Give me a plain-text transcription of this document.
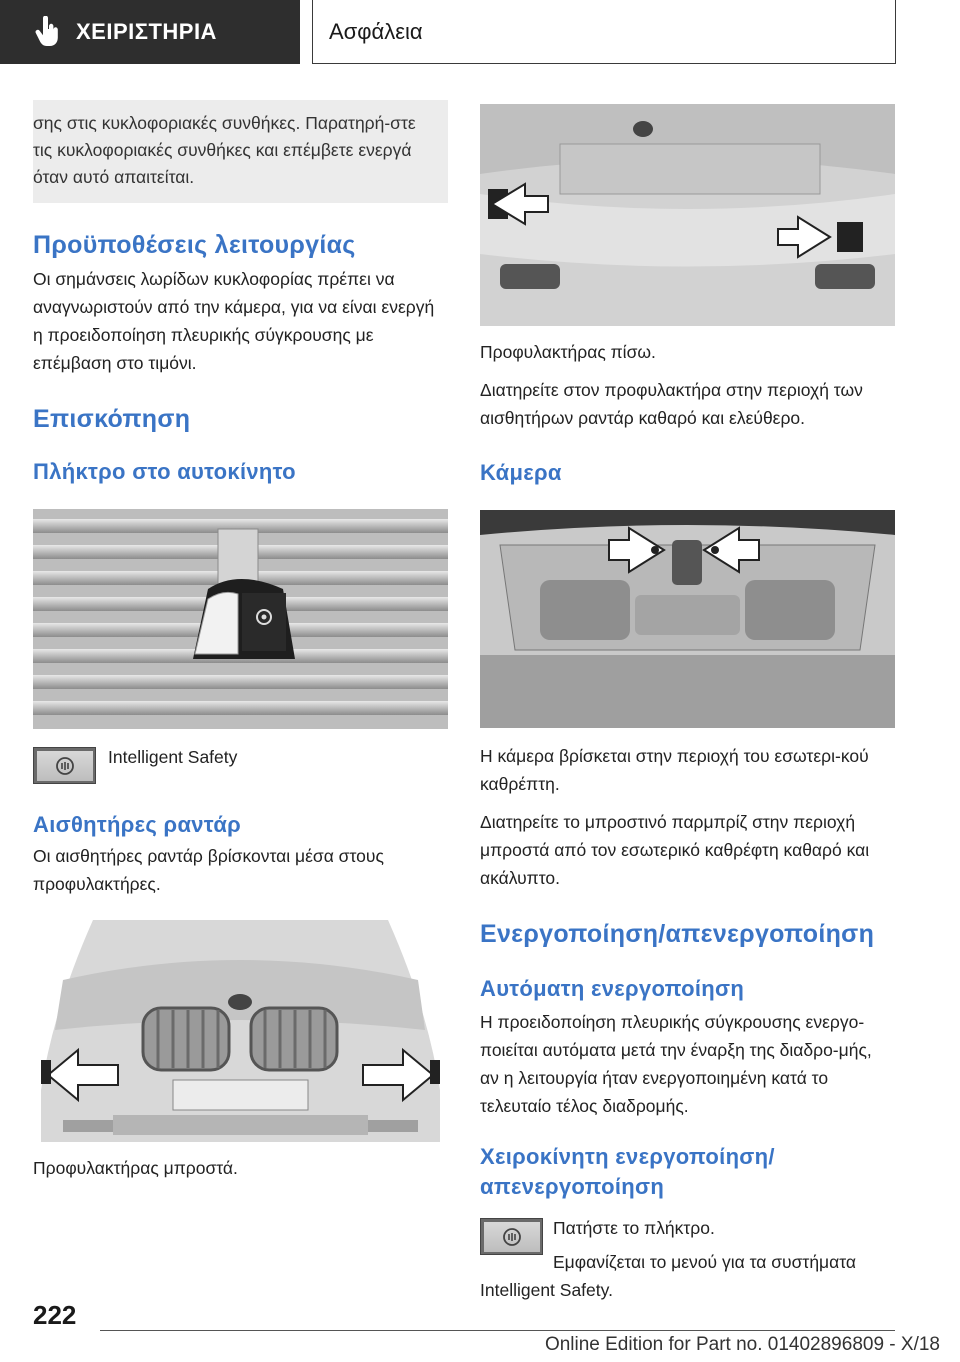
ΧΕΙΡΙΣΤΗΡΙΑ	Ασφάλεια

σης στις κυκλοφοριακές συνθήκες. Παρατηρή-στε τις κυκλοφοριακές συνθήκες και επέμβετε ενεργά όταν αυτό απαιτείται.

Προϋποθέσεις λειτουργίας

Οι σημάνσεις λωρίδων κυκλοφορίας πρέπει να αναγνωριστούν από την κάμερα, για να είναι ενεργή η προειδοποίηση πλευρικής σύγκρουσης με επέμβαση στο τιμόνι.

Επισκόπηση
Πλήκτρο στο αυτοκίνητο

Intelligent Safety

Αισθητήρες ραντάρ

Οι αισθητήρες ραντάρ βρίσκονται μέσα στους προφυλακτήρες.

Προφυλακτήρας μπροστά.

Προφυλακτήρας πίσω.

Διατηρείτε στον προφυλακτήρα στην περιοχή των αισθητήρων ραντάρ καθαρό και ελεύθερο.

Κάμερα

Η κάμερα βρίσκεται στην περιοχή του εσωτερι-κού καθρέπτη.

Διατηρείτε το μπροστινό παρμπρίζ στην περιοχή μπροστά από τον εσωτερικό καθρέφτη καθαρό και ακάλυπτο.

Ενεργοποίηση/απενεργοποίηση
Αυτόματη ενεργοποίηση

Η προειδοποίηση πλευρικής σύγκρουσης ενεργο-ποιείται αυτόματα μετά την έναρξη της διαδρο-μής, αν η λειτουργία ήταν ενεργοποιημένη κατά το τελευταίο τέλος διαδρομής.

Χειροκίνητη ενεργοποίηση/ απενεργοποίηση

Πατήστε το πλήκτρο.

Εμφανίζεται το μενού για τα συστήματα

Intelligent Safety.

222
Online Edition for Part no. 01402896809 - X/18
